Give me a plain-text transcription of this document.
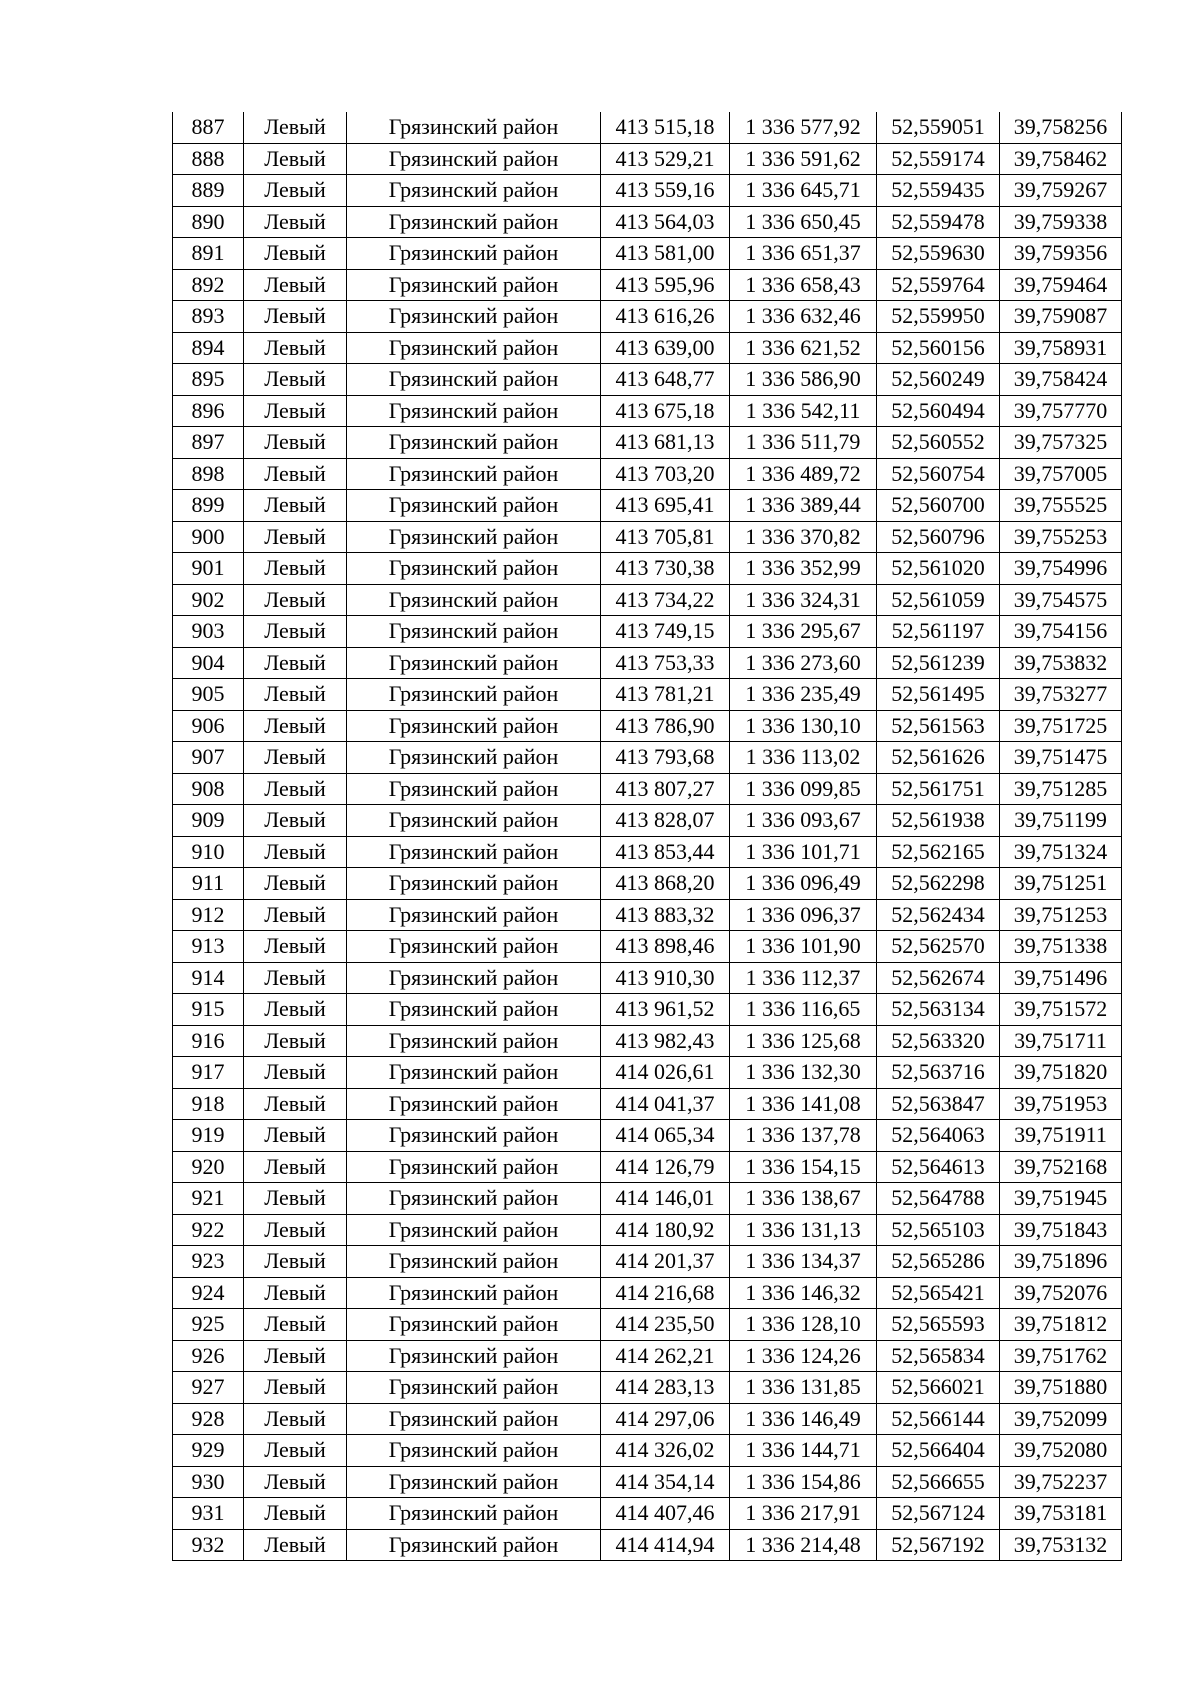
887	Левый	Грязинский район	413 515,18	1 336 577,92	52,559051	39,758256
888	Левый	Грязинский район	413 529,21	1 336 591,62	52,559174	39,758462
889	Левый	Грязинский район	413 559,16	1 336 645,71	52,559435	39,759267
890	Левый	Грязинский район	413 564,03	1 336 650,45	52,559478	39,759338
891	Левый	Грязинский район	413 581,00	1 336 651,37	52,559630	39,759356
892	Левый	Грязинский район	413 595,96	1 336 658,43	52,559764	39,759464
893	Левый	Грязинский район	413 616,26	1 336 632,46	52,559950	39,759087
894	Левый	Грязинский район	413 639,00	1 336 621,52	52,560156	39,758931
895	Левый	Грязинский район	413 648,77	1 336 586,90	52,560249	39,758424
896	Левый	Грязинский район	413 675,18	1 336 542,11	52,560494	39,757770
897	Левый	Грязинский район	413 681,13	1 336 511,79	52,560552	39,757325
898	Левый	Грязинский район	413 703,20	1 336 489,72	52,560754	39,757005
899	Левый	Грязинский район	413 695,41	1 336 389,44	52,560700	39,755525
900	Левый	Грязинский район	413 705,81	1 336 370,82	52,560796	39,755253
901	Левый	Грязинский район	413 730,38	1 336 352,99	52,561020	39,754996
902	Левый	Грязинский район	413 734,22	1 336 324,31	52,561059	39,754575
903	Левый	Грязинский район	413 749,15	1 336 295,67	52,561197	39,754156
904	Левый	Грязинский район	413 753,33	1 336 273,60	52,561239	39,753832
905	Левый	Грязинский район	413 781,21	1 336 235,49	52,561495	39,753277
906	Левый	Грязинский район	413 786,90	1 336 130,10	52,561563	39,751725
907	Левый	Грязинский район	413 793,68	1 336 113,02	52,561626	39,751475
908	Левый	Грязинский район	413 807,27	1 336 099,85	52,561751	39,751285
909	Левый	Грязинский район	413 828,07	1 336 093,67	52,561938	39,751199
910	Левый	Грязинский район	413 853,44	1 336 101,71	52,562165	39,751324
911	Левый	Грязинский район	413 868,20	1 336 096,49	52,562298	39,751251
912	Левый	Грязинский район	413 883,32	1 336 096,37	52,562434	39,751253
913	Левый	Грязинский район	413 898,46	1 336 101,90	52,562570	39,751338
914	Левый	Грязинский район	413 910,30	1 336 112,37	52,562674	39,751496
915	Левый	Грязинский район	413 961,52	1 336 116,65	52,563134	39,751572
916	Левый	Грязинский район	413 982,43	1 336 125,68	52,563320	39,751711
917	Левый	Грязинский район	414 026,61	1 336 132,30	52,563716	39,751820
918	Левый	Грязинский район	414 041,37	1 336 141,08	52,563847	39,751953
919	Левый	Грязинский район	414 065,34	1 336 137,78	52,564063	39,751911
920	Левый	Грязинский район	414 126,79	1 336 154,15	52,564613	39,752168
921	Левый	Грязинский район	414 146,01	1 336 138,67	52,564788	39,751945
922	Левый	Грязинский район	414 180,92	1 336 131,13	52,565103	39,751843
923	Левый	Грязинский район	414 201,37	1 336 134,37	52,565286	39,751896
924	Левый	Грязинский район	414 216,68	1 336 146,32	52,565421	39,752076
925	Левый	Грязинский район	414 235,50	1 336 128,10	52,565593	39,751812
926	Левый	Грязинский район	414 262,21	1 336 124,26	52,565834	39,751762
927	Левый	Грязинский район	414 283,13	1 336 131,85	52,566021	39,751880
928	Левый	Грязинский район	414 297,06	1 336 146,49	52,566144	39,752099
929	Левый	Грязинский район	414 326,02	1 336 144,71	52,566404	39,752080
930	Левый	Грязинский район	414 354,14	1 336 154,86	52,566655	39,752237
931	Левый	Грязинский район	414 407,46	1 336 217,91	52,567124	39,753181
932	Левый	Грязинский район	414 414,94	1 336 214,48	52,567192	39,753132
